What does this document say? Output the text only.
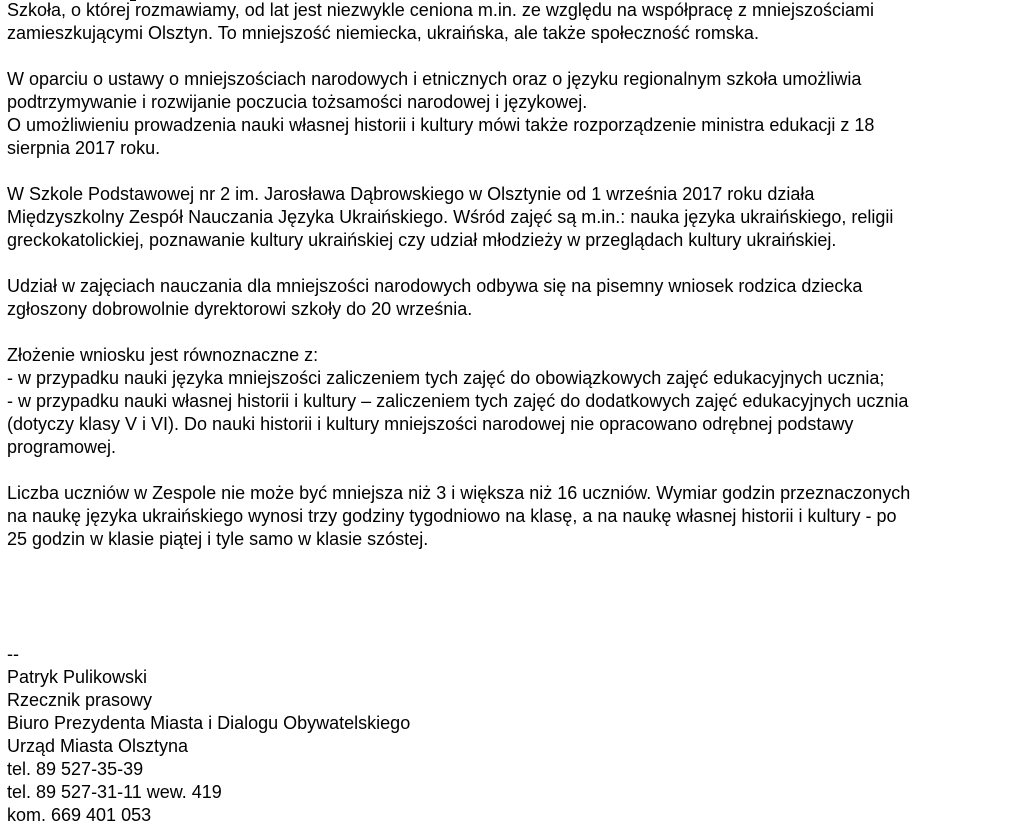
Szkoła, o której rozmawiamy, od lat jest niezwykle ceniona m.in. ze względu na współpracę z mniejszościami
zamieszkującymi Olsztyn. To mniejszość niemiecka, ukraińska, ale także społeczność romska.
W oparciu o ustawy o mniejszościach narodowych i etnicznych oraz o języku regionalnym szkoła umożliwia
podtrzymywanie i rozwijanie poczucia tożsamości narodowej i językowej.
O umożliwieniu prowadzenia nauki własnej historii i kultury mówi także rozporządzenie ministra edukacji z 18
sierpnia 2017 roku.
W Szkole Podstawowej nr 2 im. Jarosława Dąbrowskiego w Olsztynie od 1 września 2017 roku działa
Międzyszkolny Zespół Nauczania Języka Ukraińskiego. Wśród zajęć są m.in.: nauka języka ukraińskiego, religii
greckokatolickiej, poznawanie kultury ukraińskiej czy udział młodzieży w przeglądach kultury ukraińskiej.
Udział w zajęciach nauczania dla mniejszości narodowych odbywa się na pisemny wniosek rodzica dziecka
zgłoszony dobrowolnie dyrektorowi szkoły do 20 września.
Złożenie wniosku jest równoznaczne z:
- w przypadku nauki języka mniejszości zaliczeniem tych zajęć do obowiązkowych zajęć edukacyjnych ucznia;
- w przypadku nauki własnej historii i kultury – zaliczeniem tych zajęć do dodatkowych zajęć edukacyjnych ucznia
(dotyczy klasy V i VI). Do nauki historii i kultury mniejszości narodowej nie opracowano odrębnej podstawy
programowej.
Liczba uczniów w Zespole nie może być mniejsza niż 3 i większa niż 16 uczniów. Wymiar godzin przeznaczonych
na naukę języka ukraińskiego wynosi trzy godziny tygodniowo na klasę, a na naukę własnej historii i kultury - po
25 godzin w klasie piątej i tyle samo w klasie szóstej.
--
Patryk Pulikowski
Rzecznik prasowy
Biuro Prezydenta Miasta i Dialogu Obywatelskiego
Urząd Miasta Olsztyna
tel. 89 527-35-39
tel. 89 527-31-11 wew. 419
kom. 669 401 053
